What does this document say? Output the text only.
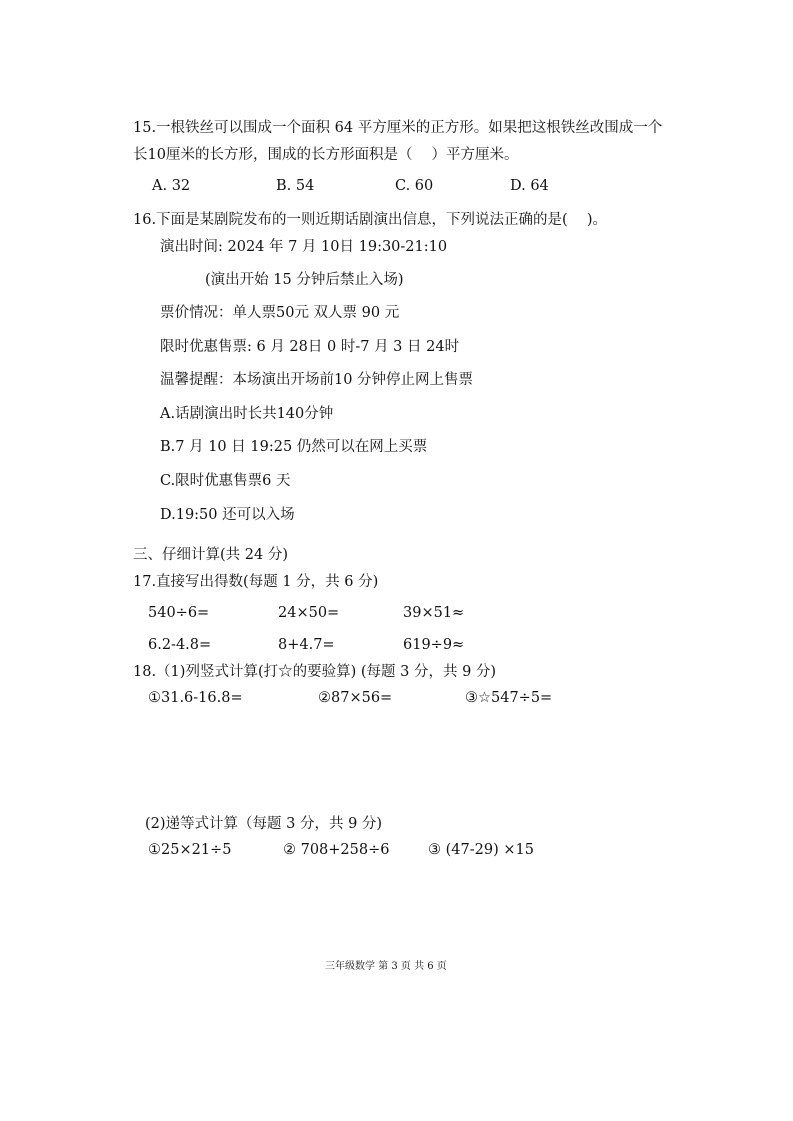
15.一根铁丝可以围成一个面积 64 平方厘米的正方形。如果把这根铁丝改围成一个
长10厘米的长方形，围成的长方形面积是（　 ）平方厘米。
A. 32	B. 54	C. 60	D. 64
16.下面是某剧院发布的一则近期话剧演出信息，下列说法正确的是(　 )。
演出时间: 2024 年 7 月 10日 19:30-21:10
(演出开始 15 分钟后禁止入场)
票价情况：单人票50元 双人票 90 元
限时优惠售票: 6 月 28日 0 时-7 月 3 日 24时
温馨提醒：本场演出开场前10 分钟停止网上售票
A.话剧演出时长共140分钟
B.7 月 10 日 19:25 仍然可以在网上买票
C.限时优惠售票6 天
D.19:50 还可以入场
三、仔细计算(共 24 分)
17.直接写出得数(每题 1 分，共 6 分)
540÷6=	24×50=	39×51≈
6.2-4.8=	8+4.7=	619÷9≈
18.（1)列竖式计算(打☆的要验算) (每题 3 分，共 9 分)
①31.6-16.8=	②87×56=	③☆547÷5=
(2)递等式计算（每题 3 分，共 9 分)
①25×21÷5	② 708+258÷6	③ (47-29) ×15
三年级数学 第 3 页 共 6 页
